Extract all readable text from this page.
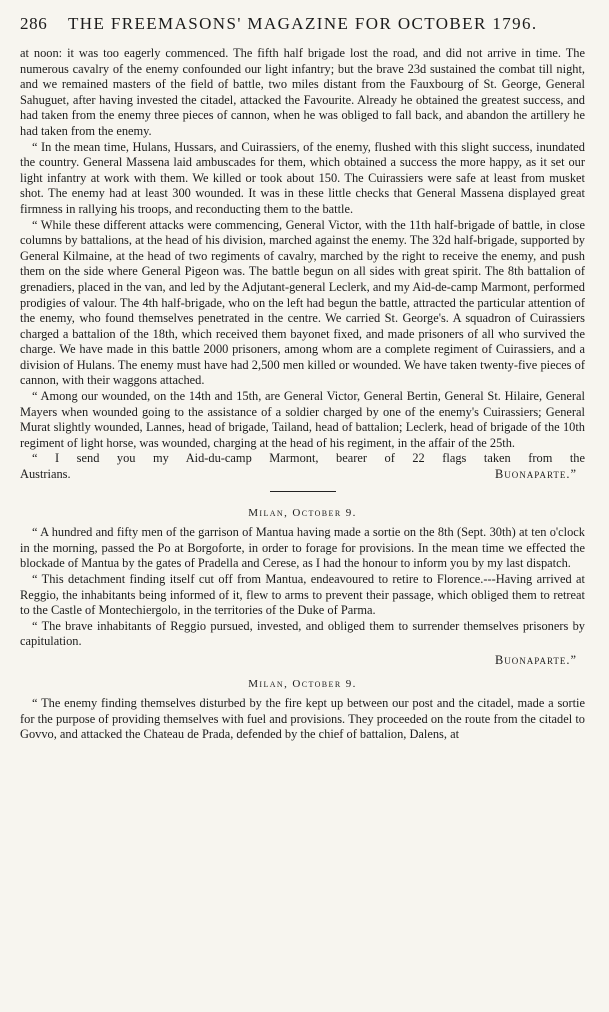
286	THE FREEMASONS' MAGAZINE FOR OCTOBER 1796.

at noon: it was too eagerly commenced. The fifth half brigade lost the road, and did not arrive in time. The numerous cavalry of the enemy confounded our light infantry; but the brave 23d sustained the combat till night, and we remained masters of the field of battle, two miles distant from the Fauxbourg of St. George, General Sahuguet, after having invested the citadel, attacked the Favourite. Already he obtained the greatest success, and had taken from the enemy three pieces of cannon, when he was obliged to fall back, and abandon the artillery he had taken from the enemy.

“ In the mean time, Hulans, Hussars, and Cuirassiers, of the enemy, flushed with this slight success, inundated the country. General Massena laid ambuscades for them, which obtained a success the more happy, as it set our light infantry at work with them. We killed or took about 150. The Cuirassiers were safe at least from musket shot. The enemy had at least 300 wounded. It was in these little checks that General Massena displayed great firmness in rallying his troops, and reconducting them to the battle.

“ While these different attacks were commencing, General Victor, with the 11th half-brigade of battle, in close columns by battalions, at the head of his division, marched against the enemy. The 32d half-brigade, supported by General Kilmaine, at the head of two regiments of cavalry, marched by the right to receive the enemy, and push them on the side where General Pigeon was. The battle begun on all sides with great spirit. The 8th battalion of grenadiers, placed in the van, and led by the Adjutant-general Leclerk, and my Aid-de-camp Marmont, performed prodigies of valour. The 4th half-brigade, who on the left had begun the battle, attracted the particular attention of the enemy, who found themselves penetrated in the centre. We carried St. George's. A squadron of Cuirassiers charged a battalion of the 18th, which received them bayonet fixed, and made prisoners of all who survived the charge. We have made in this battle 2000 prisoners, among whom are a complete regiment of Cuirassiers, and a division of Hulans. The enemy must have had 2,500 men killed or wounded. We have taken twenty-five pieces of cannon, with their waggons attached.

“ Among our wounded, on the 14th and 15th, are General Victor, General Bertin, General St. Hilaire, General Mayers when wounded going to the assistance of a soldier charged by one of the enemy's Cuirassiers; General Murat slightly wounded, Lannes, head of brigade, Tailand, head of battalion; Leclerk, head of brigade of the 10th regiment of light horse, was wounded, charging at the head of his regiment, in the affair of the 25th.

“ I send you my Aid-du-camp Marmont, bearer of 22 flags taken from the

Austrians.	Buonaparte.”
Milan, October 9.

“ A hundred and fifty men of the garrison of Mantua having made a sortie on the 8th (Sept. 30th) at ten o'clock in the morning, passed the Po at Borgoforte, in order to forage for provisions. In the mean time we effected the blockade of Mantua by the gates of Pradella and Cerese, as I had the honour to inform you by my last dispatch.

“ This detachment finding itself cut off from Mantua, endeavoured to retire to Florence.---Having arrived at Reggio, the inhabitants being informed of it, flew to arms to prevent their passage, which obliged them to retreat to the Castle of Montechiergolo, in the territories of the Duke of Parma.

“ The brave inhabitants of Reggio pursued, invested, and obliged them to surrender themselves prisoners by capitulation.

Buonaparte.”
Milan, October 9.

“ The enemy finding themselves disturbed by the fire kept up between our post and the citadel, made a sortie for the purpose of providing themselves with fuel and provisions. They proceeded on the route from the citadel to Govvo, and attacked the Chateau de Prada, defended by the chief of battalion, Dalens, at
